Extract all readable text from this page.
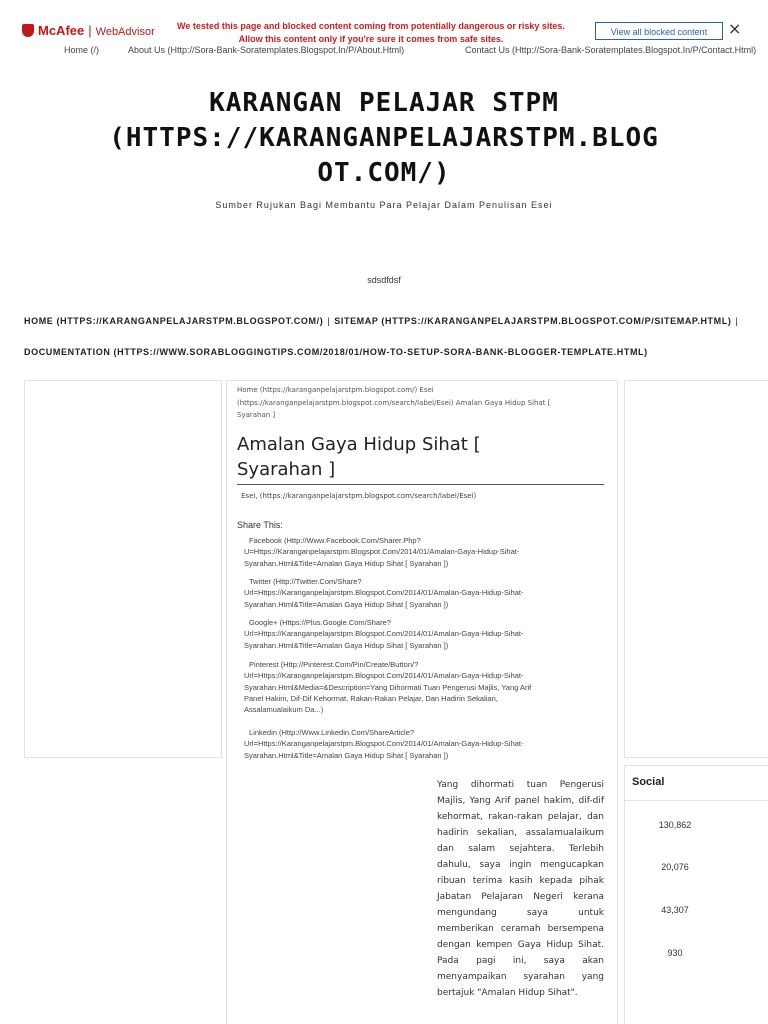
McAfee | WebAdvisor	We tested this page and blocked content coming from potentially dangerous or risky sites.
Allow this content only if you're sure it comes from safe sites.
View all blocked content	×
Home (/)	About Us (Http://Sora-Bank-Soratemplates.Blogspot.In/P/About.Html)	Contact Us (Http://Sora-Bank-Soratemplates.Blogspot.In/P/Contact.Html)
KARANGAN PELAJAR STPM
(HTTPS://KARANGANPELAJARSTPM.BLOG
OT.COM/)
Sumber Rujukan Bagi Membantu Para Pelajar Dalam Penulisan Esei
sdsdfdsf
HOME (HTTPS://KARANGANPELAJARSTPM.BLOGSPOT.COM/) | SITEMAP (HTTPS://KARANGANPELAJARSTPM.BLOGSPOT.COM/P/SITEMAP.HTML) |
DOCUMENTATION (HTTPS://WWW.SORABLOGGINGTIPS.COM/2018/01/HOW-TO-SETUP-SORA-BANK-BLOGGER-TEMPLATE.HTML)
Home (https://karanganpelajarstpm.blogspot.com/) Esei
(https://karanganpelajarstpm.blogspot.com/search/label/Esei) Amalan Gaya Hidup Sihat [
Syarahan ]
Amalan Gaya Hidup Sihat [
Syarahan ]
Esei, (https://karanganpelajarstpm.blogspot.com/search/label/Esei)
Share This:
Facebook (Http://Www.Facebook.Com/Sharer.Php?
U=Https://Karanganpelajarstpm.Blogspot.Com/2014/01/Amalan-Gaya-Hidup-Sihat-
Syarahan.Html&Title=Amalan Gaya Hidup Sihat [ Syarahan ])
Twitter (Http://Twitter.Com/Share?
Url=Https://Karanganpelajarstpm.Blogspot.Com/2014/01/Amalan-Gaya-Hidup-Sihat-
Syarahan.Html&Title=Amalan Gaya Hidup Sihat [ Syarahan ])
Google+ (Https://Plus.Google.Com/Share?
Url=Https://Karanganpelajarstpm.Blogspot.Com/2014/01/Amalan-Gaya-Hidup-Sihat-
Syarahan.Html&Title=Amalan Gaya Hidup Sihat [ Syarahan ])
Pinterest (Http://Pinterest.Com/Pin/Create/Button/?
Url=Https://Karanganpelajarstpm.Blogspot.Com/2014/01/Amalan-Gaya-Hidup-Sihat-
Syarahan.Html&Media=&Description=Yang Dihormati Tuan Pengerusi Majlis, Yang Arif
Panel Hakim, Dif-Dif Kehormat, Rakan-Rakan Pelajar, Dan Hadirin Sekalian,
Assalamualaikum Da...)
Linkedin (Http://Www.Linkedin.Com/ShareArticle?
Url=Https://Karanganpelajarstpm.Blogspot.Com/2014/01/Amalan-Gaya-Hidup-Sihat-
Syarahan.Html&Title=Amalan Gaya Hidup Sihat [ Syarahan ])
Yang dihormati tuan Pengerusi Majlis, Yang Arif panel hakim, dif-dif kehormat, rakan-rakan pelajar, dan hadirin sekalian, assalamualaikum dan salam sejahtera. Terlebih dahulu, saya ingin mengucapkan ribuan terima kasih kepada pihak Jabatan Pelajaran Negeri kerana mengundang saya untuk memberikan ceramah bersempena dengan kempen Gaya Hidup Sihat. Pada pagi ini, saya akan menyampaikan syarahan yang bertajuk "Amalan Hidup Sihat".
Social
130,862
20,076
43,307
930
